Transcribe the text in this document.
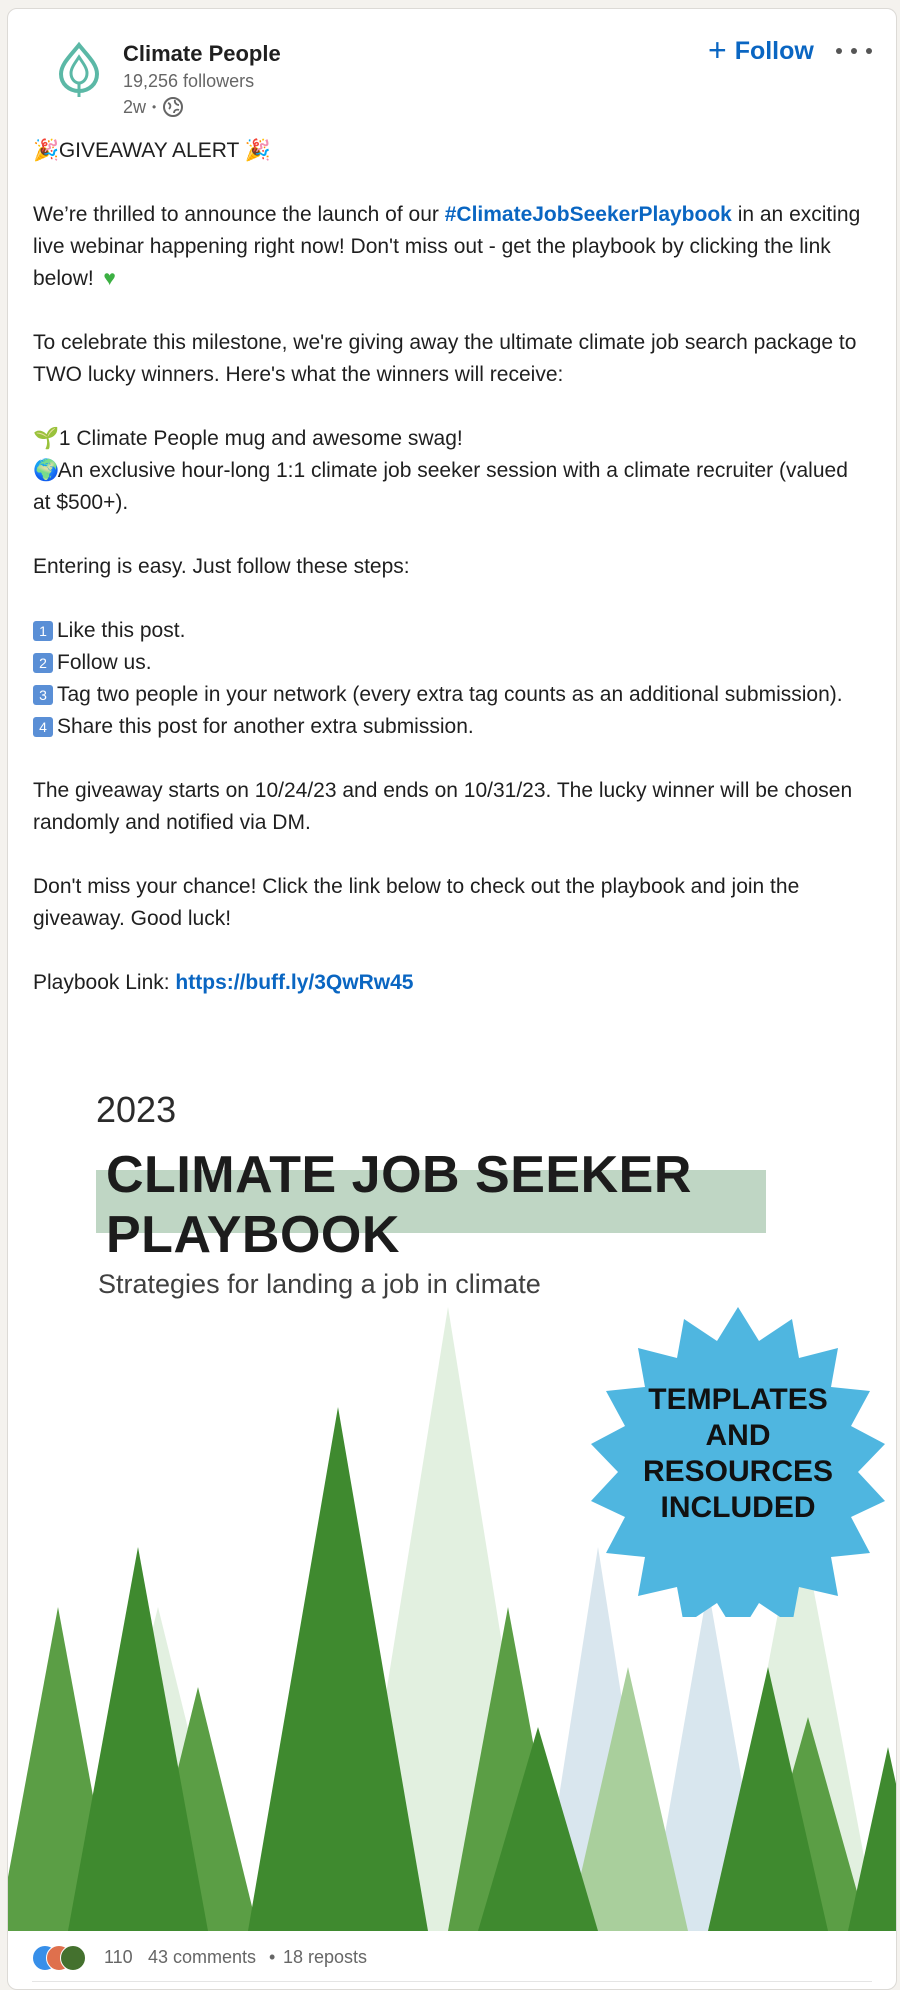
Climate People
19,256 followers
2w •
+ Follow

🎉 GIVEAWAY ALERT 🎉

We’re thrilled to announce the launch of our #ClimateJobSeekerPlaybook in an exciting live webinar happening right now! Don't miss out - get the playbook by clicking the link below! ♥

To celebrate this milestone, we're giving away the ultimate climate job search package to TWO lucky winners. Here's what the winners will receive:

🌱 1 Climate People mug and awesome swag!

🌍 An exclusive hour-long 1:1 climate job seeker session with a climate recruiter (valued at $500+).

Entering is easy. Just follow these steps:

1 Like this post.

2 Follow us.

3 Tag two people in your network (every extra tag counts as an additional submission).

4 Share this post for another extra submission.

The giveaway starts on 10/24/23 and ends on 10/31/23. The lucky winner will be chosen randomly and notified via DM.

Don't miss your chance! Click the link below to check out the playbook and join the giveaway. Good luck!

Playbook Link: https://buff.ly/3QwRw45

2023
CLIMATE JOB SEEKER
PLAYBOOK
Strategies for landing a job in climate
TEMPLATES
AND
RESOURCES
INCLUDED
110 43 comments • 18 reposts
